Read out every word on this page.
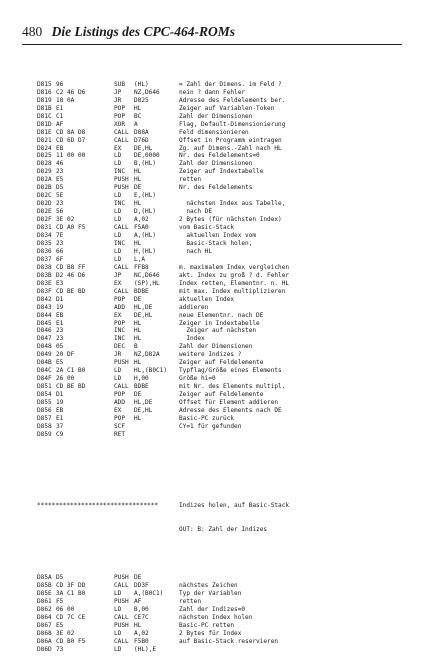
480 Die Listings des CPC-464-ROMs

D815 96	SUB (HL)	= Zahl der Dimens. im Feld ?
D816 C2 46 D6	JP NZ,D646	nein ? dann Fehler
D819 18 0A	JR D825	Adresse des Feldelements ber.
D81B E1	POP HL	Zeiger auf Variablen-Token
D81C C1	POP BC	Zahl der Dimensionen
D81D AF	XOR A	Flag, Default-Dimensionierung
D81E CD 8A D8	CALL D88A	Feld dimensionieren
D821 CD 6D D7	CALL D76D	Offset in Programm eintragen
D824 EB	EX DE,HL	Zg. auf Dimens.-Zahl nach HL
D825 11 00 00	LD DE,0000	Nr. des Feldelements=0
D828 46	LD B,(HL)	Zahl der Dimensionen
D829 23	INC HL	Zeiger auf Indextabelle
D82A E5	PUSH HL	retten
D82B D5	PUSH DE	Nr. des Feldelements
D82C 5E	LD E,(HL)
D82D 23	INC HL	nächsten Index aus Tabelle,
D82E 56	LD D,(HL)	nach DE
D82F 3E 02	LD A,02	2 Bytes (für nächsten Index)
D831 CD A0 F5	CALL F5A0	vom Basic-Stack
D834 7E	LD A,(HL)	aktuellen Index vom
D835 23	INC HL	Basic-Stack holen,
D836 66	LD H,(HL)	nach HL
D837 6F	LD L,A
D838 CD B8 FF	CALL FFB8	m. maximalem Index vergleichen
D83B D2 46 D6	JP NC,D646	akt. Index zu groß ? d. Fehler
D83E E3	EX (SP),HL	Index retten, Elementnr. n. HL
D83F CD BE BD	CALL BDBE	mit max. Index multiplizieren
D842 D1	POP DE	aktuellen Index
D843 19	ADD HL,DE	addieren
D844 EB	EX DE,HL	neue Elementnr. nach DE
D845 E1	POP HL	Zeiger in Indextabelle
D846 23	INC HL	Zeiger auf nächsten
D847 23	INC HL	Index
D848 05	DEC B	Zahl der Dimensionen
D849 20 DF	JR NZ,D82A	weitere Indizes ?
D84B E5	PUSH HL	Zeiger auf Feldelemente
D84C 2A C1 B0	LD HL,(B0C1) Typflag/Größe eines Elements
D84F 26 00	LD H,00	Größe hi=0
D851 CD BE BD	CALL BDBE	mit Nr. des Elements multipl.
D854 D1	POP DE	Zeiger auf Feldelemente
D855 19	ADD HL,DE	Offset für Element addieren
D856 EB	EX DE,HL	Adresse des Elements nach DE
D857 E1	POP HL	Basic-PC zurück
D858 37	SCF	CY=1 für gefunden
D859 C9	RET

*********************************

	Indizes holen, auf Basic-Stack

OUT: B: Zahl der Indizes

D85A D5	PUSH DE
D85B CD 3F DD	CALL DD3F	nächstes Zeichen
D85E 3A C1 B0	LD A,(B0C1)	Typ der Variablen
D861 F5	PUSH AF	retten
D862 06 00	LD B,00	Zahl der Indizes=0
D864 CD 7C CE	CALL CE7C	nächsten Index holen
D867 E5	PUSH HL	Basic-PC retten
D868 3E 02	LD A,02	2 Bytes für Index
D86A CD B0 F5	CALL F5B0	auf Basic-Stack reservieren
D86D 73	LD (HL),E
